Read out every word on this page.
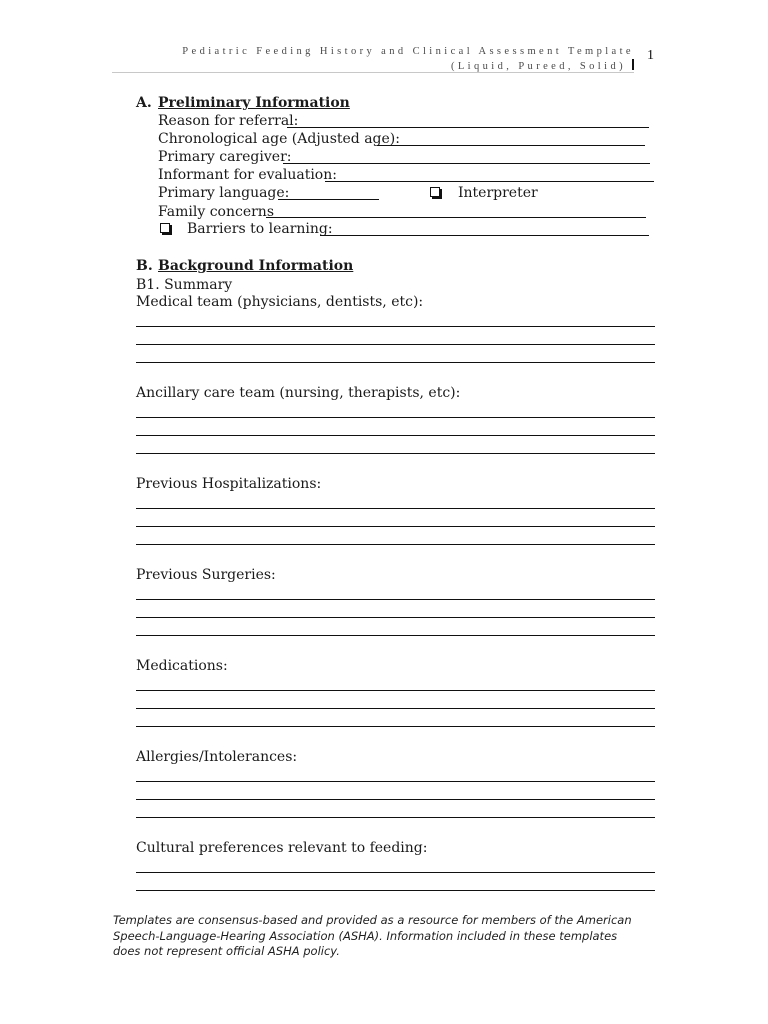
Pediatric Feeding History and Clinical Assessment Template
(Liquid, Pureed, Solid)
1
A. Preliminary Information
Reason for referral:
Chronological age (Adjusted age):
Primary caregiver:
Informant for evaluation:
Primary language:	Interpreter
Family concerns
Barriers to learning:
B. Background Information
B1. Summary
Medical team (physicians, dentists, etc):
Ancillary care team (nursing, therapists, etc):
Previous Hospitalizations:
Previous Surgeries:
Medications:
Allergies/Intolerances:
Cultural preferences relevant to feeding:
Templates are consensus-based and provided as a resource for members of the American Speech-Language-Hearing Association (ASHA). Information included in these templates does not represent official ASHA policy.
